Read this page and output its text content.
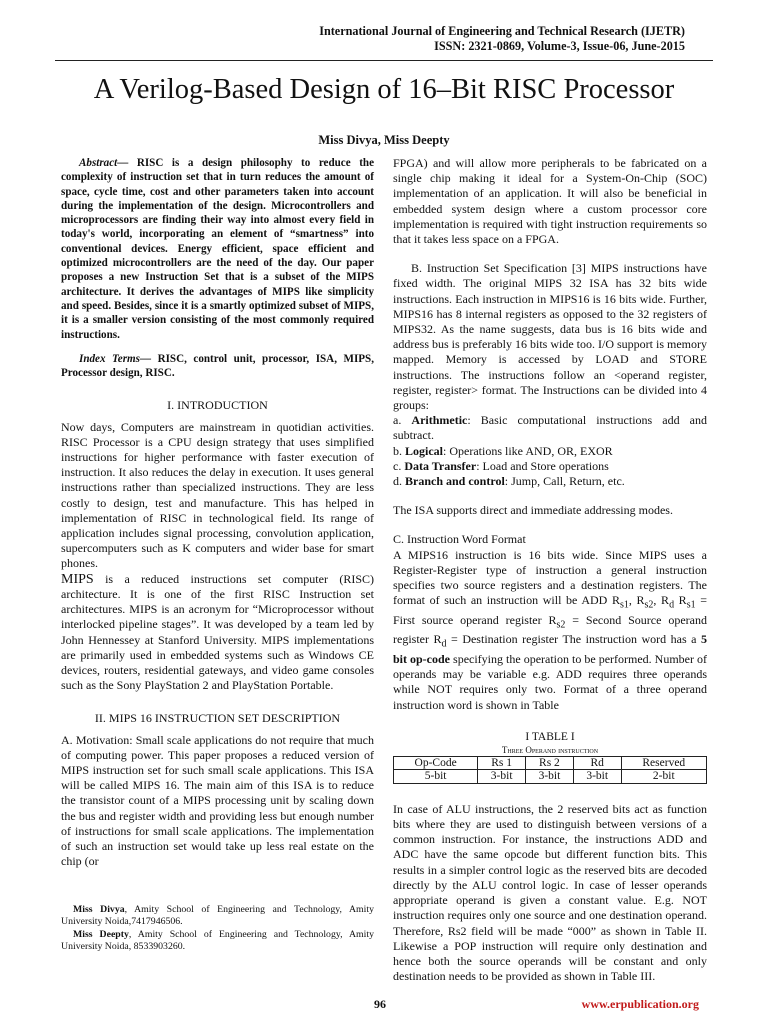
International Journal of Engineering and Technical Research (IJETR)
ISSN: 2321-0869, Volume-3, Issue-06, June-2015
A Verilog-Based Design of 16–Bit RISC Processor
Miss Divya, Miss Deepty

Abstract— RISC is a design philosophy to reduce the complexity of instruction set that in turn reduces the amount of space, cycle time, cost and other parameters taken into account during the implementation of the design. Microcontrollers and microprocessors are finding their way into almost every field in today's world, incorporating an element of “smartness” into conventional devices. Energy efficient, space efficient and optimized microcontrollers are the need of the day. Our paper proposes a new Instruction Set that is a subset of the MIPS architecture. It derives the advantages of MIPS like simplicity and speed. Besides, since it is a smartly optimized subset of MIPS, it is a smaller version consisting of the most commonly required instructions.

Index Terms— RISC, control unit, processor, ISA, MIPS, Processor design, RISC.

I. INTRODUCTION

Now days, Computers are mainstream in quotidian activities. RISC Processor is a CPU design strategy that uses simplified instructions for higher performance with faster execution of instruction. It also reduces the delay in execution. It uses general instructions rather than specialized instructions. They are less costly to design, test and manufacture. This has helped in implementation of RISC in technological field. Its range of application includes signal processing, convolution application, supercomputers such as K computers and wider base for smart phones.

MIPS is a reduced instructions set computer (RISC) architecture. It is one of the first RISC Instruction set architectures. MIPS is an acronym for “Microprocessor without interlocked pipeline stages”. It was developed by a team led by John Hennessey at Stanford University. MIPS implementations are primarily used in embedded systems such as Windows CE devices, routers, residential gateways, and video game consoles such as the Sony PlayStation 2 and PlayStation Portable.

II. MIPS 16 INSTRUCTION SET DESCRIPTION

A. Motivation: Small scale applications do not require that much of computing power. This paper proposes a reduced version of MIPS instruction set for such small scale applications. This ISA will be called MIPS 16. The main aim of this ISA is to reduce the transistor count of a MIPS processing unit by scaling down the bus and register width and providing less but enough number of instructions for small scale applications. The implementation of such an instruction set would take up less real estate on the chip (or

Miss Divya, Amity School of Engineering and Technology, Amity University Noida,7417946506.

Miss Deepty, Amity School of Engineering and Technology, Amity University Noida, 8533903260.

FPGA) and will allow more peripherals to be fabricated on a single chip making it ideal for a System-On-Chip (SOC) implementation of an application. It will also be beneficial in embedded system design where a custom processor core implementation is required with tight instruction requirements so that it takes less space on a FPGA.

B. Instruction Set Specification [3] MIPS instructions have fixed width. The original MIPS 32 ISA has 32 bits wide instructions. Each instruction in MIPS16 is 16 bits wide. Further, MIPS16 has 8 internal registers as opposed to the 32 registers of MIPS32. As the name suggests, data bus is 16 bits wide and address bus is preferably 16 bits wide too. I/O support is memory mapped. Memory is accessed by LOAD and STORE instructions. The instructions follow an <operand register, register, register> format. The Instructions can be divided into 4 groups:

a. Arithmetic: Basic computational instructions add and subtract.

b. Logical: Operations like AND, OR, EXOR

c. Data Transfer: Load and Store operations

d. Branch and control: Jump, Call, Return, etc.

The ISA supports direct and immediate addressing modes.

C. Instruction Word Format

A MIPS16 instruction is 16 bits wide. Since MIPS uses a Register-Register type of instruction a general instruction specifies two source registers and a destination registers. The format of such an instruction will be ADD $R_{s1}$, $R_{s2}$, $R_d$ $R_{s1}$ = First source operand register $R_{s2}$ = Second Source operand register $R_d$ = Destination register The instruction word has a 5 bit op-code specifying the operation to be performed. Number of operands may be variable e.g. ADD requires three operands while NOT requires only two. Format of a three operand instruction word is shown in Table

I TABLE I
Three Operand instruction
Op-Code	Rs 1	Rs 2	Rd	Reserved
5-bit	3-bit	3-bit	3-bit	2-bit

In case of ALU instructions, the 2 reserved bits act as function bits where they are used to distinguish between versions of a common instruction. For instance, the instructions ADD and ADC have the same opcode but different function bits. This results in a simpler control logic as the reserved bits are decoded directly by the ALU control logic. In case of lesser operands appropriate operand is given a constant value. E.g. NOT instruction requires only one source and one destination operand. Therefore, Rs2 field will be made “000” as shown in Table II. Likewise a POP instruction will require only destination and hence both the source operands will be constant and only destination needs to be provided as shown in Table III.

96	www.erpublication.org
